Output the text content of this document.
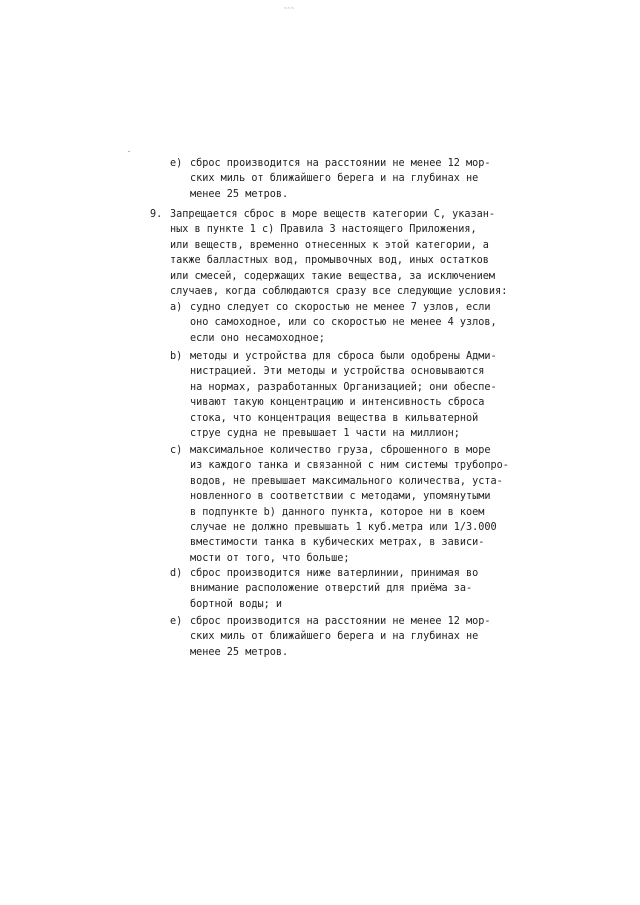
~~~
e) сброс производится на расстоянии не менее 12 мор-
ских миль от ближайшего берега и на глубинах не
менее 25 метров.
9. Запрещается сброс в море веществ категории С, указан-
ных в пункте 1 с) Правила 3 настоящего Приложения,
или веществ, временно отнесенных к этой категории, а
также балластных вод, промывочных вод, иных остатков
или смесей, содержащих такие вещества, за исключением
случаев, когда соблюдаются сразу все следующие условия:
a) судно следует со скоростью не менее 7 узлов, если
оно самоходное, или со скоростью не менее 4 узлов,
если оно несамоходное;
b) методы и устройства для сброса были одобрены Адми-
нистрацией. Эти методы и устройства основываются
на нормах, разработанных Организацией; они обеспе-
чивают такую концентрацию и интенсивность сброса
стока, что концентрация вещества в кильватерной
струе судна не превышает 1 части на миллион;
c) максимальное количество груза, сброшенного в море
из каждого танка и связанной с ним системы трубопро-
водов, не превышает максимального количества, уста-
новленного в соответствии с методами, упомянутыми
в подпункте b) данного пункта, которое ни в коем
случае не должно превышать 1 куб.метра или 1/3.000
вместимости танка в кубических метрах, в зависи-
мости от того, что больше;
d) сброс производится ниже ватерлинии, принимая во
внимание расположение отверстий для приёма за-
бортной воды; и
e) сброс производится на расстоянии не менее 12 мор-
ских миль от ближайшего берега и на глубинах не
менее 25 метров.
